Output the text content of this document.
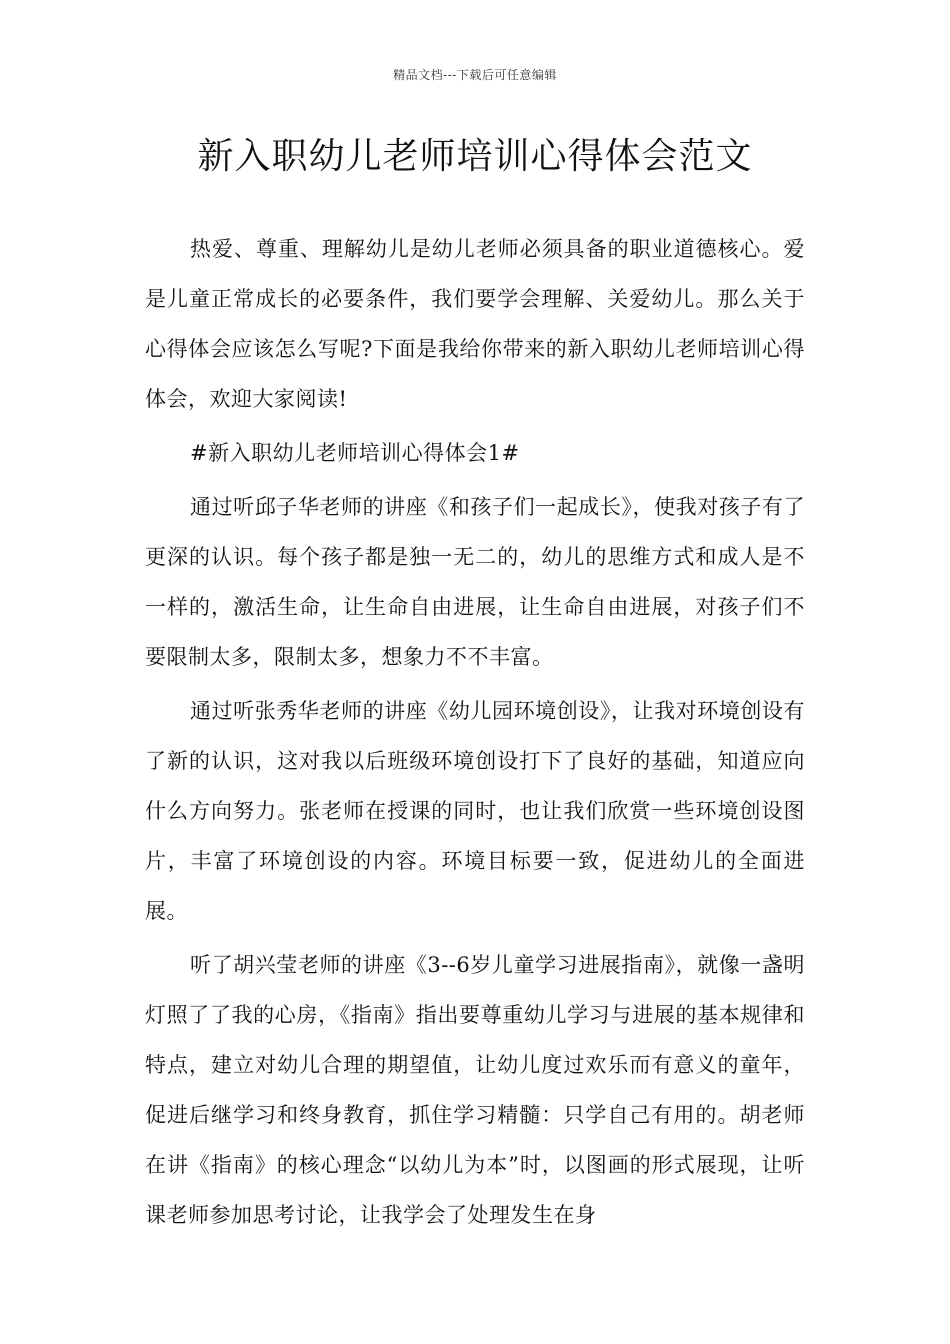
精品文档---下载后可任意编辑
新入职幼儿老师培训心得体会范文

热爱、尊重、理解幼儿是幼儿老师必须具备的职业道德核心。爱是儿童正常成长的必要条件，我们要学会理解、关爱幼儿。那么关于心得体会应该怎么写呢?下面是我给你带来的新入职幼儿老师培训心得体会，欢迎大家阅读!

#新入职幼儿老师培训心得体会1#

通过听邱子华老师的讲座《和孩子们一起成长》，使我对孩子有了更深的认识。每个孩子都是独一无二的，幼儿的思维方式和成人是不一样的，激活生命，让生命自由进展，让生命自由进展，对孩子们不要限制太多，限制太多，想象力不不丰富。

通过听张秀华老师的讲座《幼儿园环境创设》，让我对环境创设有了新的认识，这对我以后班级环境创设打下了良好的基础，知道应向什么方向努力。张老师在授课的同时，也让我们欣赏一些环境创设图片，丰富了环境创设的内容。环境目标要一致，促进幼儿的全面进展。

听了胡兴莹老师的讲座《3--6岁儿童学习进展指南》，就像一盏明灯照了了我的心房，《指南》指出要尊重幼儿学习与进展的基本规律和特点，建立对幼儿合理的期望值，让幼儿度过欢乐而有意义的童年，促进后继学习和终身教育，抓住学习精髓：只学自己有用的。胡老师在讲《指南》的核心理念“以幼儿为本”时，以图画的形式展现，让听课老师参加思考讨论，让我学会了处理发生在身
